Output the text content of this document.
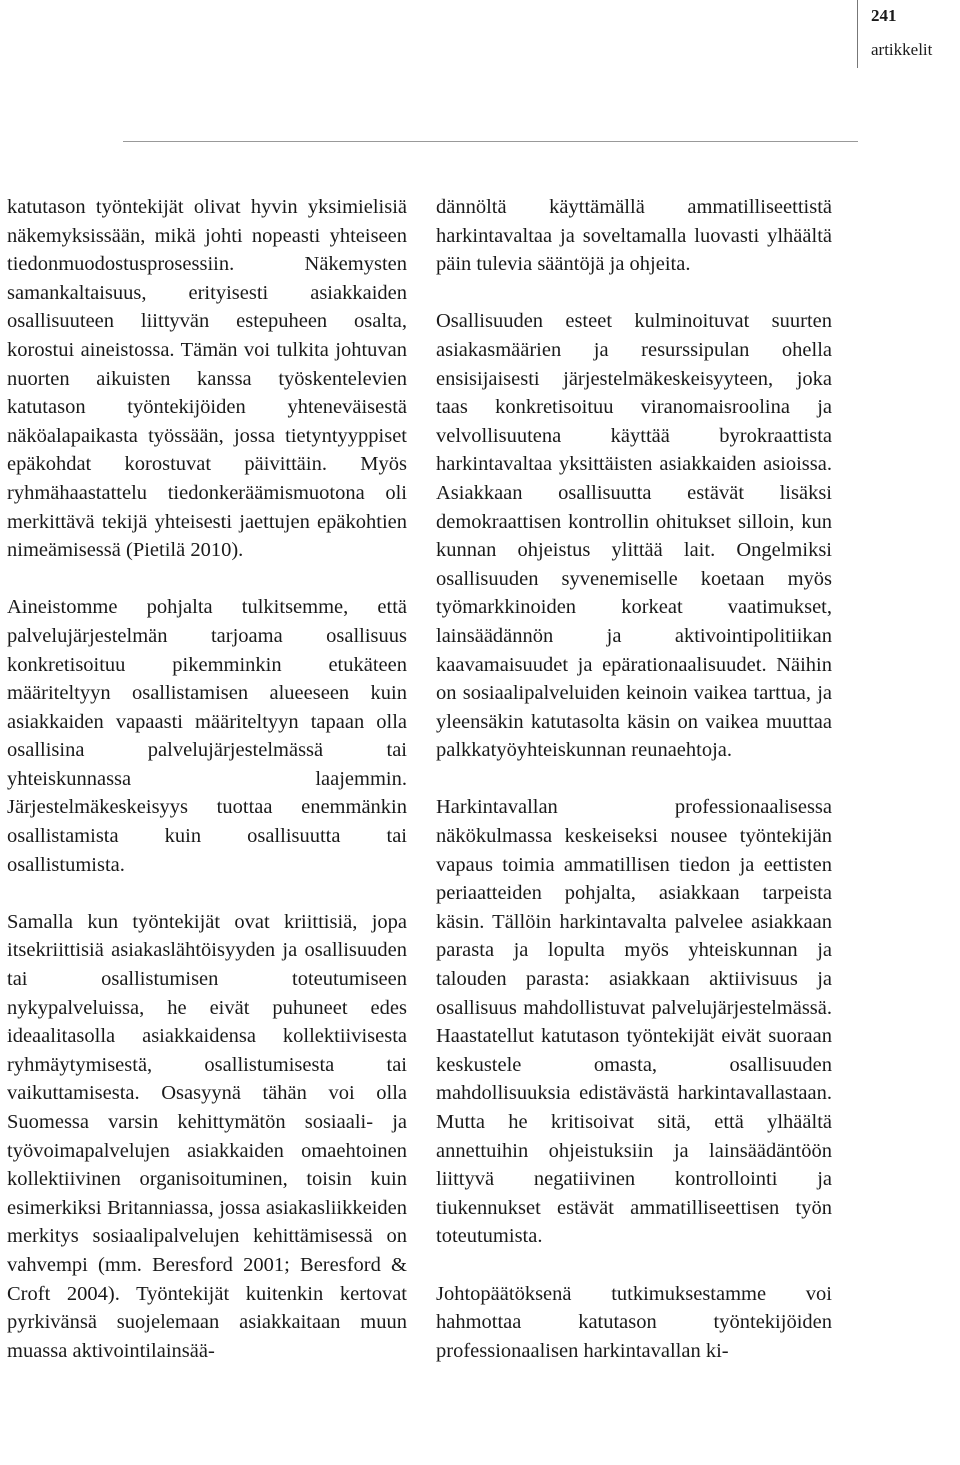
241
artikkelit

katutason työntekijät olivat hyvin yksimielisiä näkemyksissään, mikä johti nopeasti yhteiseen tiedonmuodostusprosessiin. Näkemysten samankaltaisuus, erityisesti asiakkaiden osallisuuteen liittyvän estepuheen osalta, korostui aineistossa. Tämän voi tulkita johtuvan nuorten aikuisten kanssa työskentelevien katutason työntekijöiden yhteneväisestä näköalapaikasta työssään, jossa tietyntyyppiset epäkohdat korostuvat päivittäin. Myös ryhmähaastattelu tiedonkeräämismuotona oli merkittävä tekijä yhteisesti jaettujen epäkohtien nimeämisessä (Pietilä 2010).

Aineistomme pohjalta tulkitsemme, että palvelujärjestelmän tarjoama osallisuus konkretisoituu pikemminkin etukäteen määriteltyyn osallistamisen alueeseen kuin asiakkaiden vapaasti määriteltyyn tapaan olla osallisina palvelujärjestelmässä tai yhteiskunnassa laajemmin. Järjestelmäkeskeisyys tuottaa enemmänkin osallistamista kuin osallisuutta tai osallistumista.

Samalla kun työntekijät ovat kriittisiä, jopa itsekriittisiä asiakaslähtöisyyden ja osallisuuden tai osallistumisen toteutumiseen nykypalveluissa, he eivät puhuneet edes ideaalitasolla asiakkaidensa kollektiivisesta ryhmäytymisestä, osallistumisesta tai vaikuttamisesta. Osasyynä tähän voi olla Suomessa varsin kehittymätön sosiaali- ja työvoimapalvelujen asiakkaiden omaehtoinen kollektiivinen organisoituminen, toisin kuin esimerkiksi Britanniassa, jossa asiakasliikkeiden merkitys sosiaalipalvelujen kehittämisessä on vahvempi (mm. Beresford 2001; Beresford & Croft 2004). Työntekijät kuitenkin kertovat pyrkivänsä suojelemaan asiakkaitaan muun muassa aktivointilainsää-

dännöltä käyttämällä ammatilliseettistä harkintavaltaa ja soveltamalla luovasti ylhäältä päin tulevia sääntöjä ja ohjeita.

Osallisuuden esteet kulminoituvat suurten asiakasmäärien ja resurssipulan ohella ensisijaisesti järjestelmäkeskeisyyteen, joka taas konkretisoituu viranomaisroolina ja velvollisuutena käyttää byrokraattista harkintavaltaa yksittäisten asiakkaiden asioissa. Asiakkaan osallisuutta estävät lisäksi demokraattisen kontrollin ohitukset silloin, kun kunnan ohjeistus ylittää lait. Ongelmiksi osallisuuden syvenemiselle koetaan myös työmarkkinoiden korkeat vaatimukset, lainsäädännön ja aktivointipolitiikan kaavamaisuudet ja epärationaalisuudet. Näihin on sosiaalipalveluiden keinoin vaikea tarttua, ja yleensäkin katutasolta käsin on vaikea muuttaa palkkatyöyhteiskunnan reunaehtoja.

Harkintavallan professionaalisessa näkökulmassa keskeiseksi nousee työntekijän vapaus toimia ammatillisen tiedon ja eettisten periaatteiden pohjalta, asiakkaan tarpeista käsin. Tällöin harkintavalta palvelee asiakkaan parasta ja lopulta myös yhteiskunnan ja talouden parasta: asiakkaan aktiivisuus ja osallisuus mahdollistuvat palvelujärjestelmässä. Haastatellut katutason työntekijät eivät suoraan keskustele omasta, osallisuuden mahdollisuuksia edistävästä harkintavallastaan. Mutta he kritisoivat sitä, että ylhäältä annettuihin ohjeistuksiin ja lainsäädäntöön liittyvä negatiivinen kontrollointi ja tiukennukset estävät ammatilliseettisen työn toteutumista.

Johtopäätöksenä tutkimuksestamme voi hahmottaa katutason työntekijöiden professionaalisen harkintavallan ki-
